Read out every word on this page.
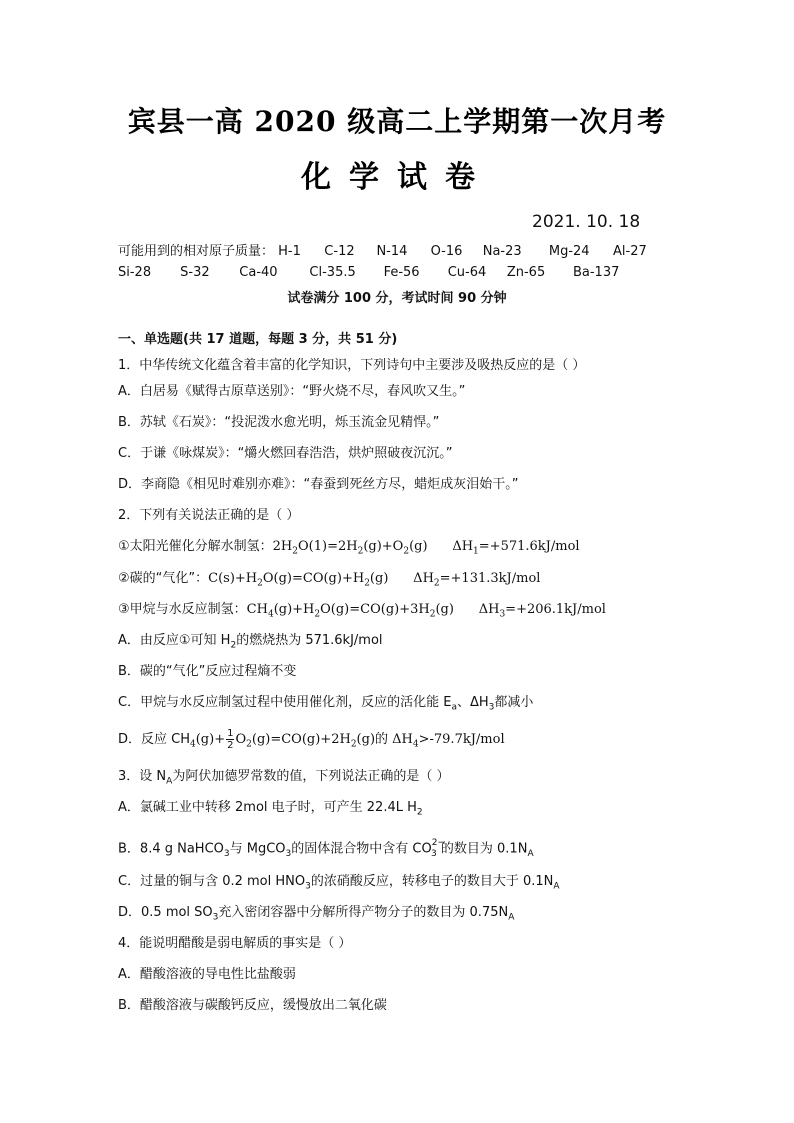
宾县一高 2020 级高二上学期第一次月考
化学试卷
2021. 10. 18
可能用到的相对原子质量： H-1 C-12 N-14 O-16 Na-23 Mg-24 Al-27
Si-28 S-32 Ca-40 Cl-35.5 Fe-56 Cu-64 Zn-65 Ba-137
试卷满分 100 分，考试时间 90 分钟
一、单选题(共 17 道题，每题 3 分，共 51 分)
1．中华传统文化蕴含着丰富的化学知识，下列诗句中主要涉及吸热反应的是（ ）
A．白居易《赋得古原草送别》：“野火烧不尽，春风吹又生。”
B．苏轼《石炭》：“投泥泼水愈光明，烁玉流金见精悍。”
C．于谦《咏煤炭》：“爝火燃回春浩浩，烘炉照破夜沉沉。”
D．李商隐《相见时难别亦难》：“春蚕到死丝方尽，蜡炬成灰泪始干。”
2．下列有关说法正确的是（ ）
①太阳光催化分解水制氢：$2H_2O(1)=2H_2(g)+O_2(g)$      $\Delta H_1=+571.6kJ$/mol
②碳的“气化”：$C(s)+H_2O(g)=CO(g)+H_2(g)$      $\Delta H_2=+131.3kJ$/mol
③甲烷与水反应制氢：$CH_4(g)+H_2O(g)=CO(g)+3H_2(g)$      $\Delta H_3=+206.1kJ$/mol
A．由反应①可知 $H_2$的燃烧热为 571.6kJ/mol
B．碳的“气化”反应过程熵不变
C．甲烷与水反应制氢过程中使用催化剂，反应的活化能 $E_a$、$\Delta H_3$都减小
D．反应 $CH_4(g)+ \frac{1}{2} O_2(g)=CO(g)+2H_2(g)$的 $\Delta H_4>-79.7kJ$/mol
3．设 $N_A$为阿伏加德罗常数的值，下列说法正确的是（ ）
A．氯碱工业中转移 2mol 电子时，可产生 22.4L $H_2$
B．8.4 g NaHCO$_3$与 MgCO$_3$的固体混合物中含有 $CO^{2-}_3$ 的数目为 $0.1N_A$
C．过量的铜与含 0.2 mol $HNO_3$的浓硝酸反应，转移电子的数目大于 $0.1N_A$
D．0.5 mol $SO_3$充入密闭容器中分解所得产物分子的数目为 $0.75N_A$
4．能说明醋酸是弱电解质的事实是（ ）
A．醋酸溶液的导电性比盐酸弱
B．醋酸溶液与碳酸钙反应，缓慢放出二氧化碳
